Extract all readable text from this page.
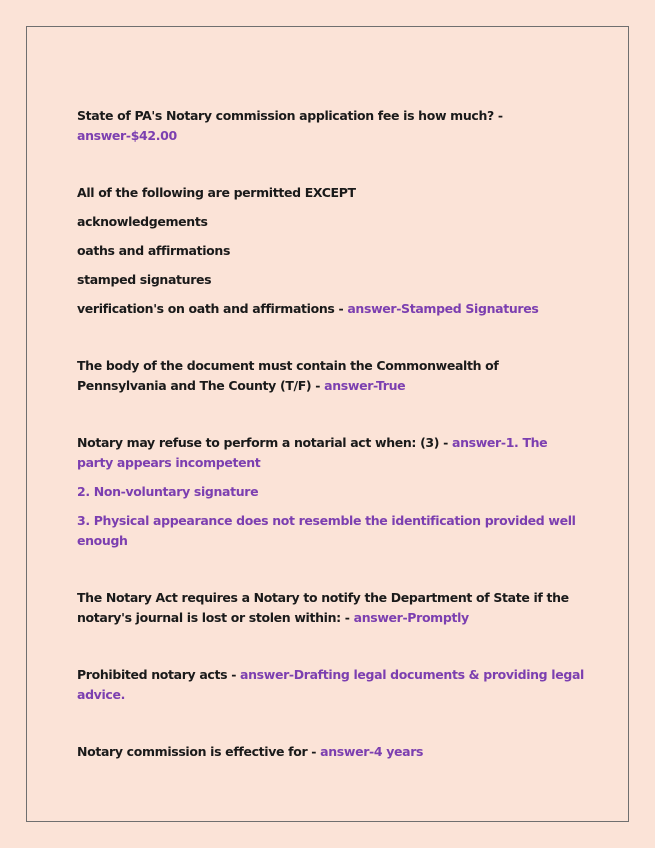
State of PA's Notary commission application fee is how much? - answer-$42.00

All of the following are permitted EXCEPT

acknowledgements

oaths and affirmations

stamped signatures

verification's on oath and affirmations - answer-Stamped Signatures

The body of the document must contain the Commonwealth of Pennsylvania and The County (T/F) - answer-True

Notary may refuse to perform a notarial act when: (3) - answer-1. The party appears incompetent

2. Non-voluntary signature

3. Physical appearance does not resemble the identification provided well enough

The Notary Act requires a Notary to notify the Department of State if the notary's journal is lost or stolen within: - answer-Promptly

Prohibited notary acts - answer-Drafting legal documents & providing legal advice.

Notary commission is effective for - answer-4 years
